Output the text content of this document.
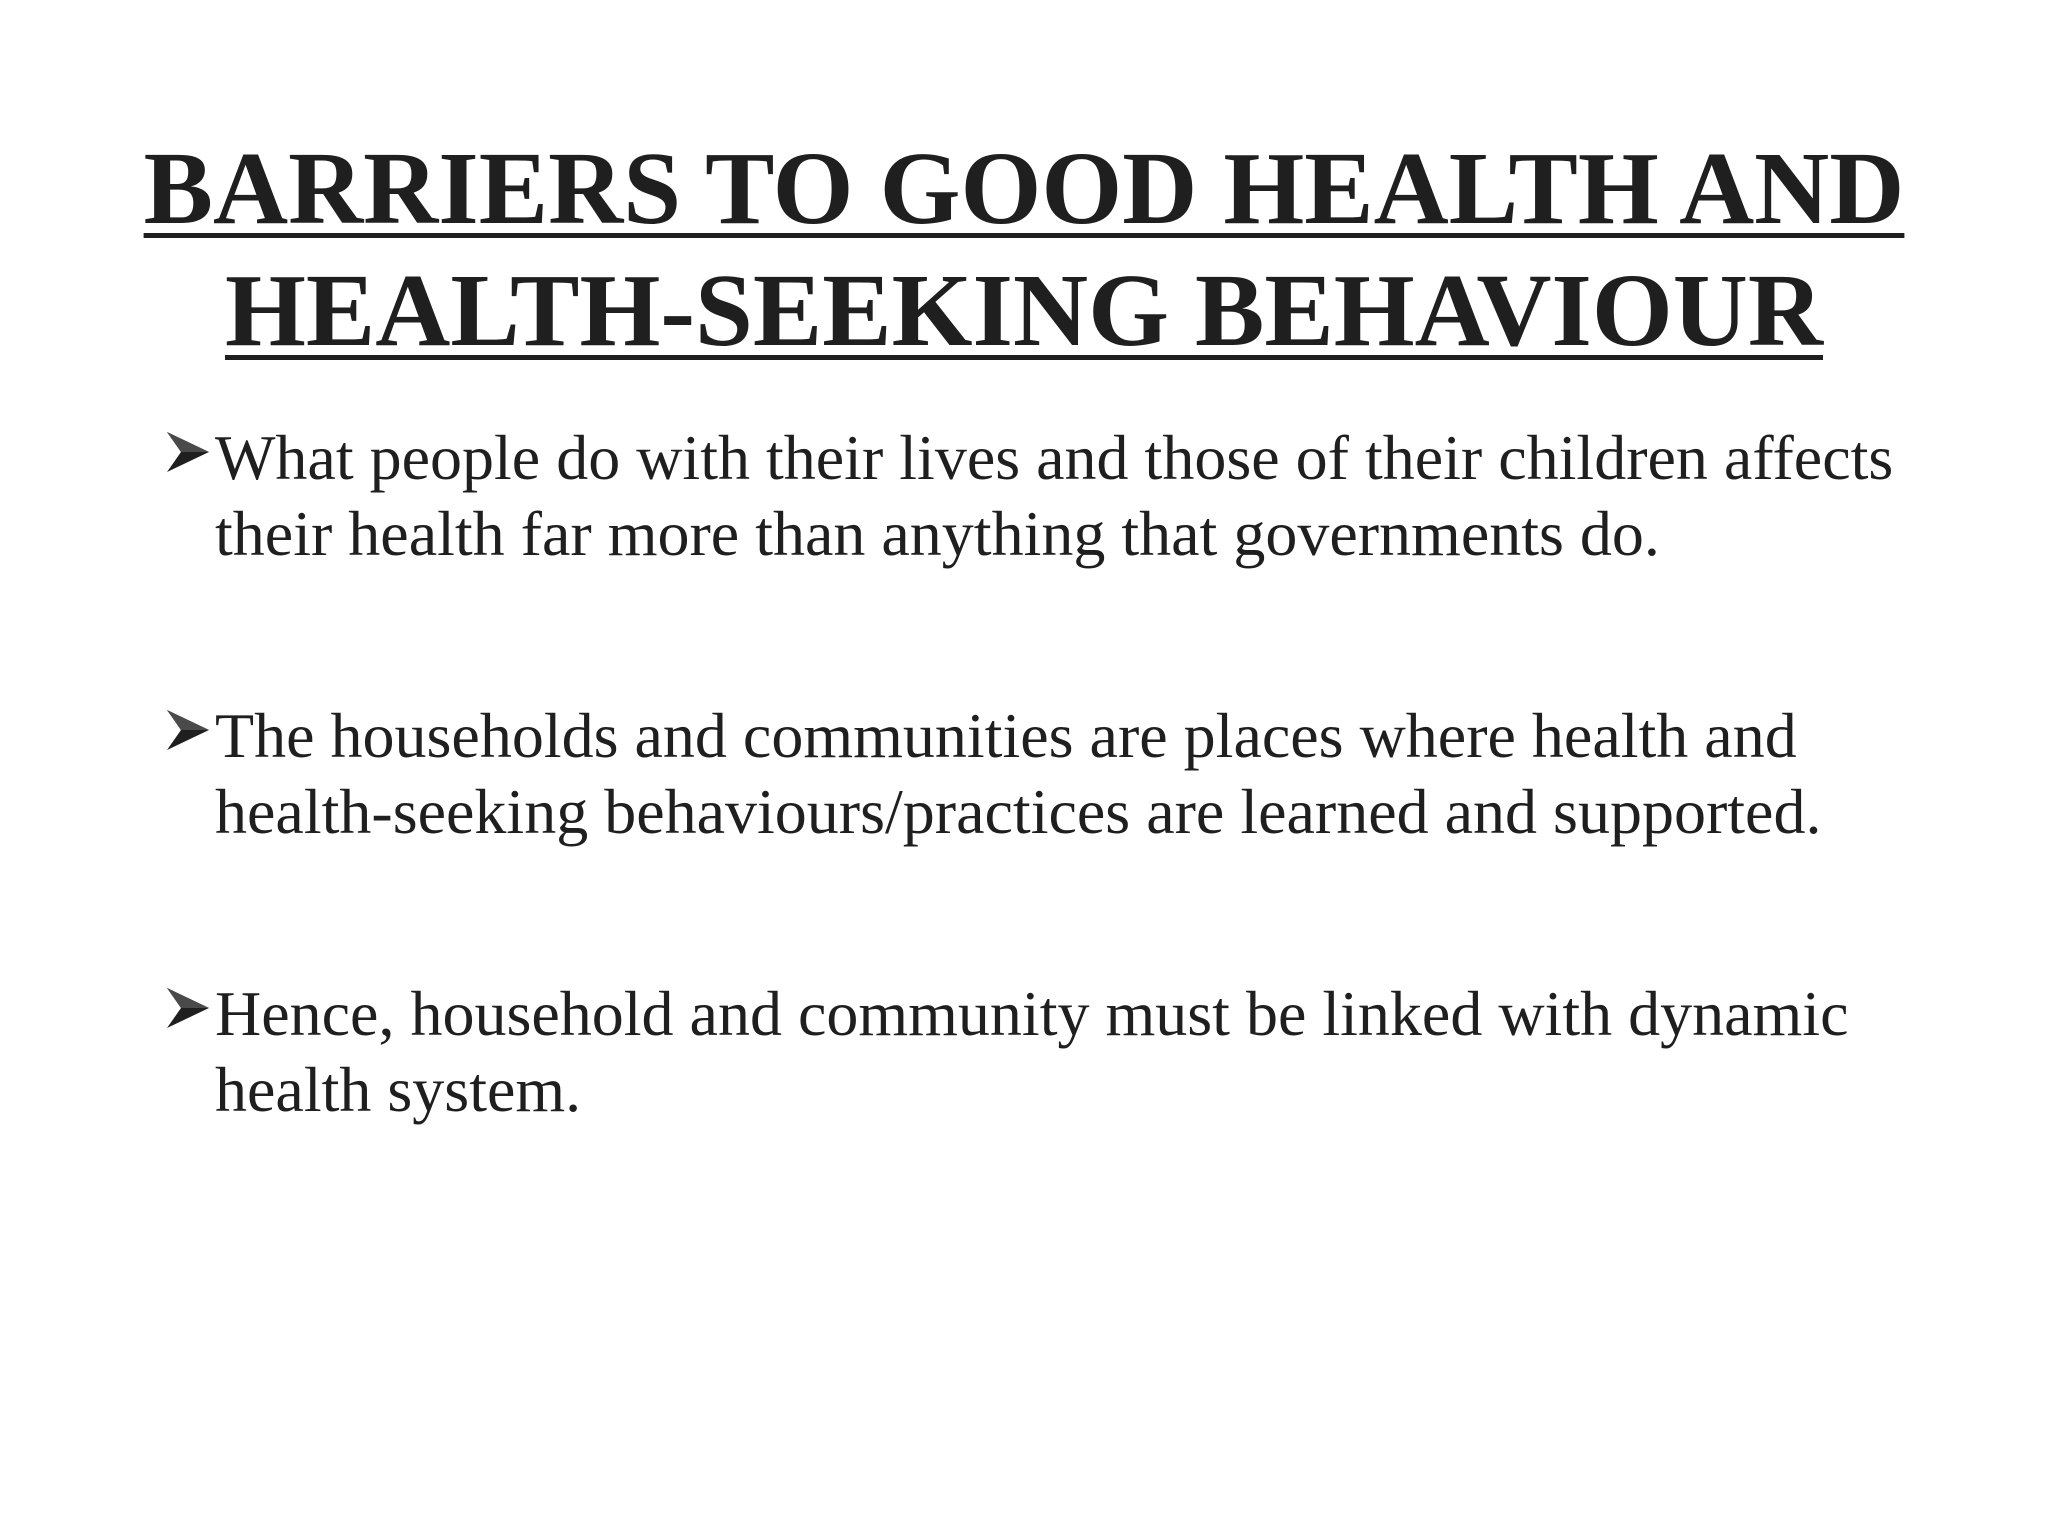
BARRIERS TO GOOD HEALTH AND
HEALTH-SEEKING BEHAVIOUR
What people do with their lives and those of their children affects their health far more than anything that governments do.
The households and communities are places where health and health-seeking behaviours/practices are learned and supported.
Hence, household and community must be linked with dynamic health system.
